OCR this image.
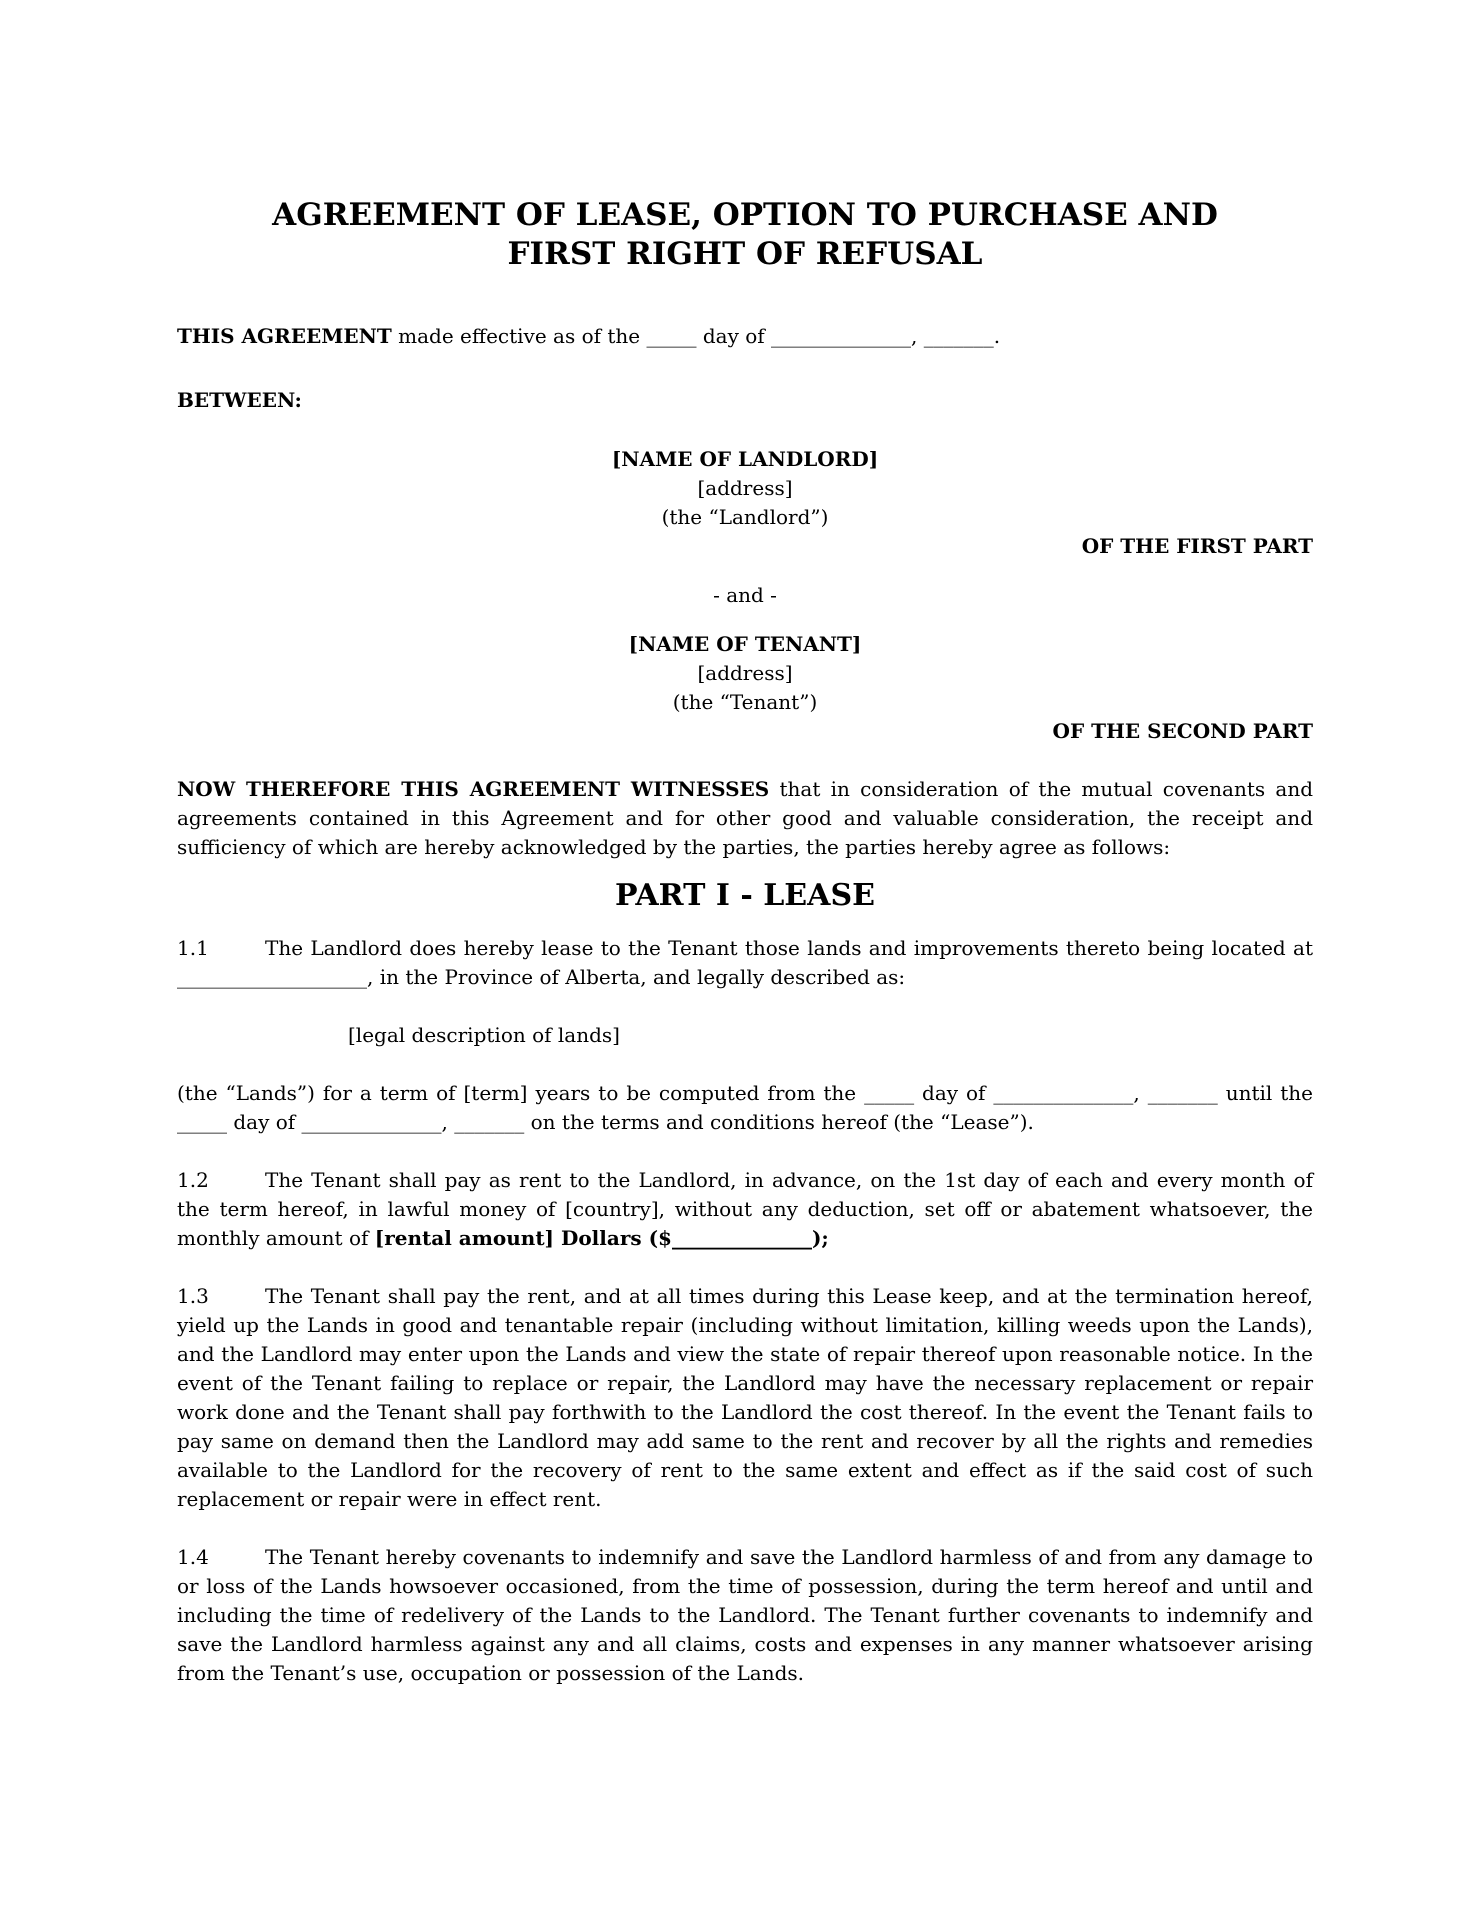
AGREEMENT OF LEASE, OPTION TO PURCHASE AND
FIRST RIGHT OF REFUSAL

THIS AGREEMENT made effective as of the _____ day of ______________, _______.

BETWEEN:

[NAME OF LANDLORD]

[address]

(the “Landlord”)

OF THE FIRST PART

- and -

[NAME OF TENANT]

[address]

(the “Tenant”)

OF THE SECOND PART

NOW THEREFORE THIS AGREEMENT WITNESSES that in consideration of the mutual covenants and agreements contained in this Agreement and for other good and valuable consideration, the receipt and sufficiency of which are hereby acknowledged by the parties, the parties hereby agree as follows:

PART I - LEASE

1.1	The Landlord does hereby lease to the Tenant those lands and improvements thereto being located at ___________________, in the Province of Alberta, and legally described as:

[legal description of lands]

(the “Lands”) for a term of [term] years to be computed from the _____ day of ______________, _______ until the _____ day of ______________, _______ on the terms and conditions hereof (the “Lease”).

1.2	The Tenant shall pay as rent to the Landlord, in advance, on the 1st day of each and every month of the term hereof, in lawful money of [country], without any deduction, set off or abatement whatsoever, the monthly amount of [rental amount] Dollars ($______________);

1.3	The Tenant shall pay the rent, and at all times during this Lease keep, and at the termination hereof, yield up the Lands in good and tenantable repair (including without limitation, killing weeds upon the Lands), and the Landlord may enter upon the Lands and view the state of repair thereof upon reasonable notice. In the event of the Tenant failing to replace or repair, the Landlord may have the necessary replacement or repair work done and the Tenant shall pay forthwith to the Landlord the cost thereof. In the event the Tenant fails to pay same on demand then the Landlord may add same to the rent and recover by all the rights and remedies available to the Landlord for the recovery of rent to the same extent and effect as if the said cost of such replacement or repair were in effect rent.

1.4	The Tenant hereby covenants to indemnify and save the Landlord harmless of and from any damage to or loss of the Lands howsoever occasioned, from the time of possession, during the term hereof and until and including the time of redelivery of the Lands to the Landlord. The Tenant further covenants to indemnify and save the Landlord harmless against any and all claims, costs and expenses in any manner whatsoever arising from the Tenant’s use, occupation or possession of the Lands.
